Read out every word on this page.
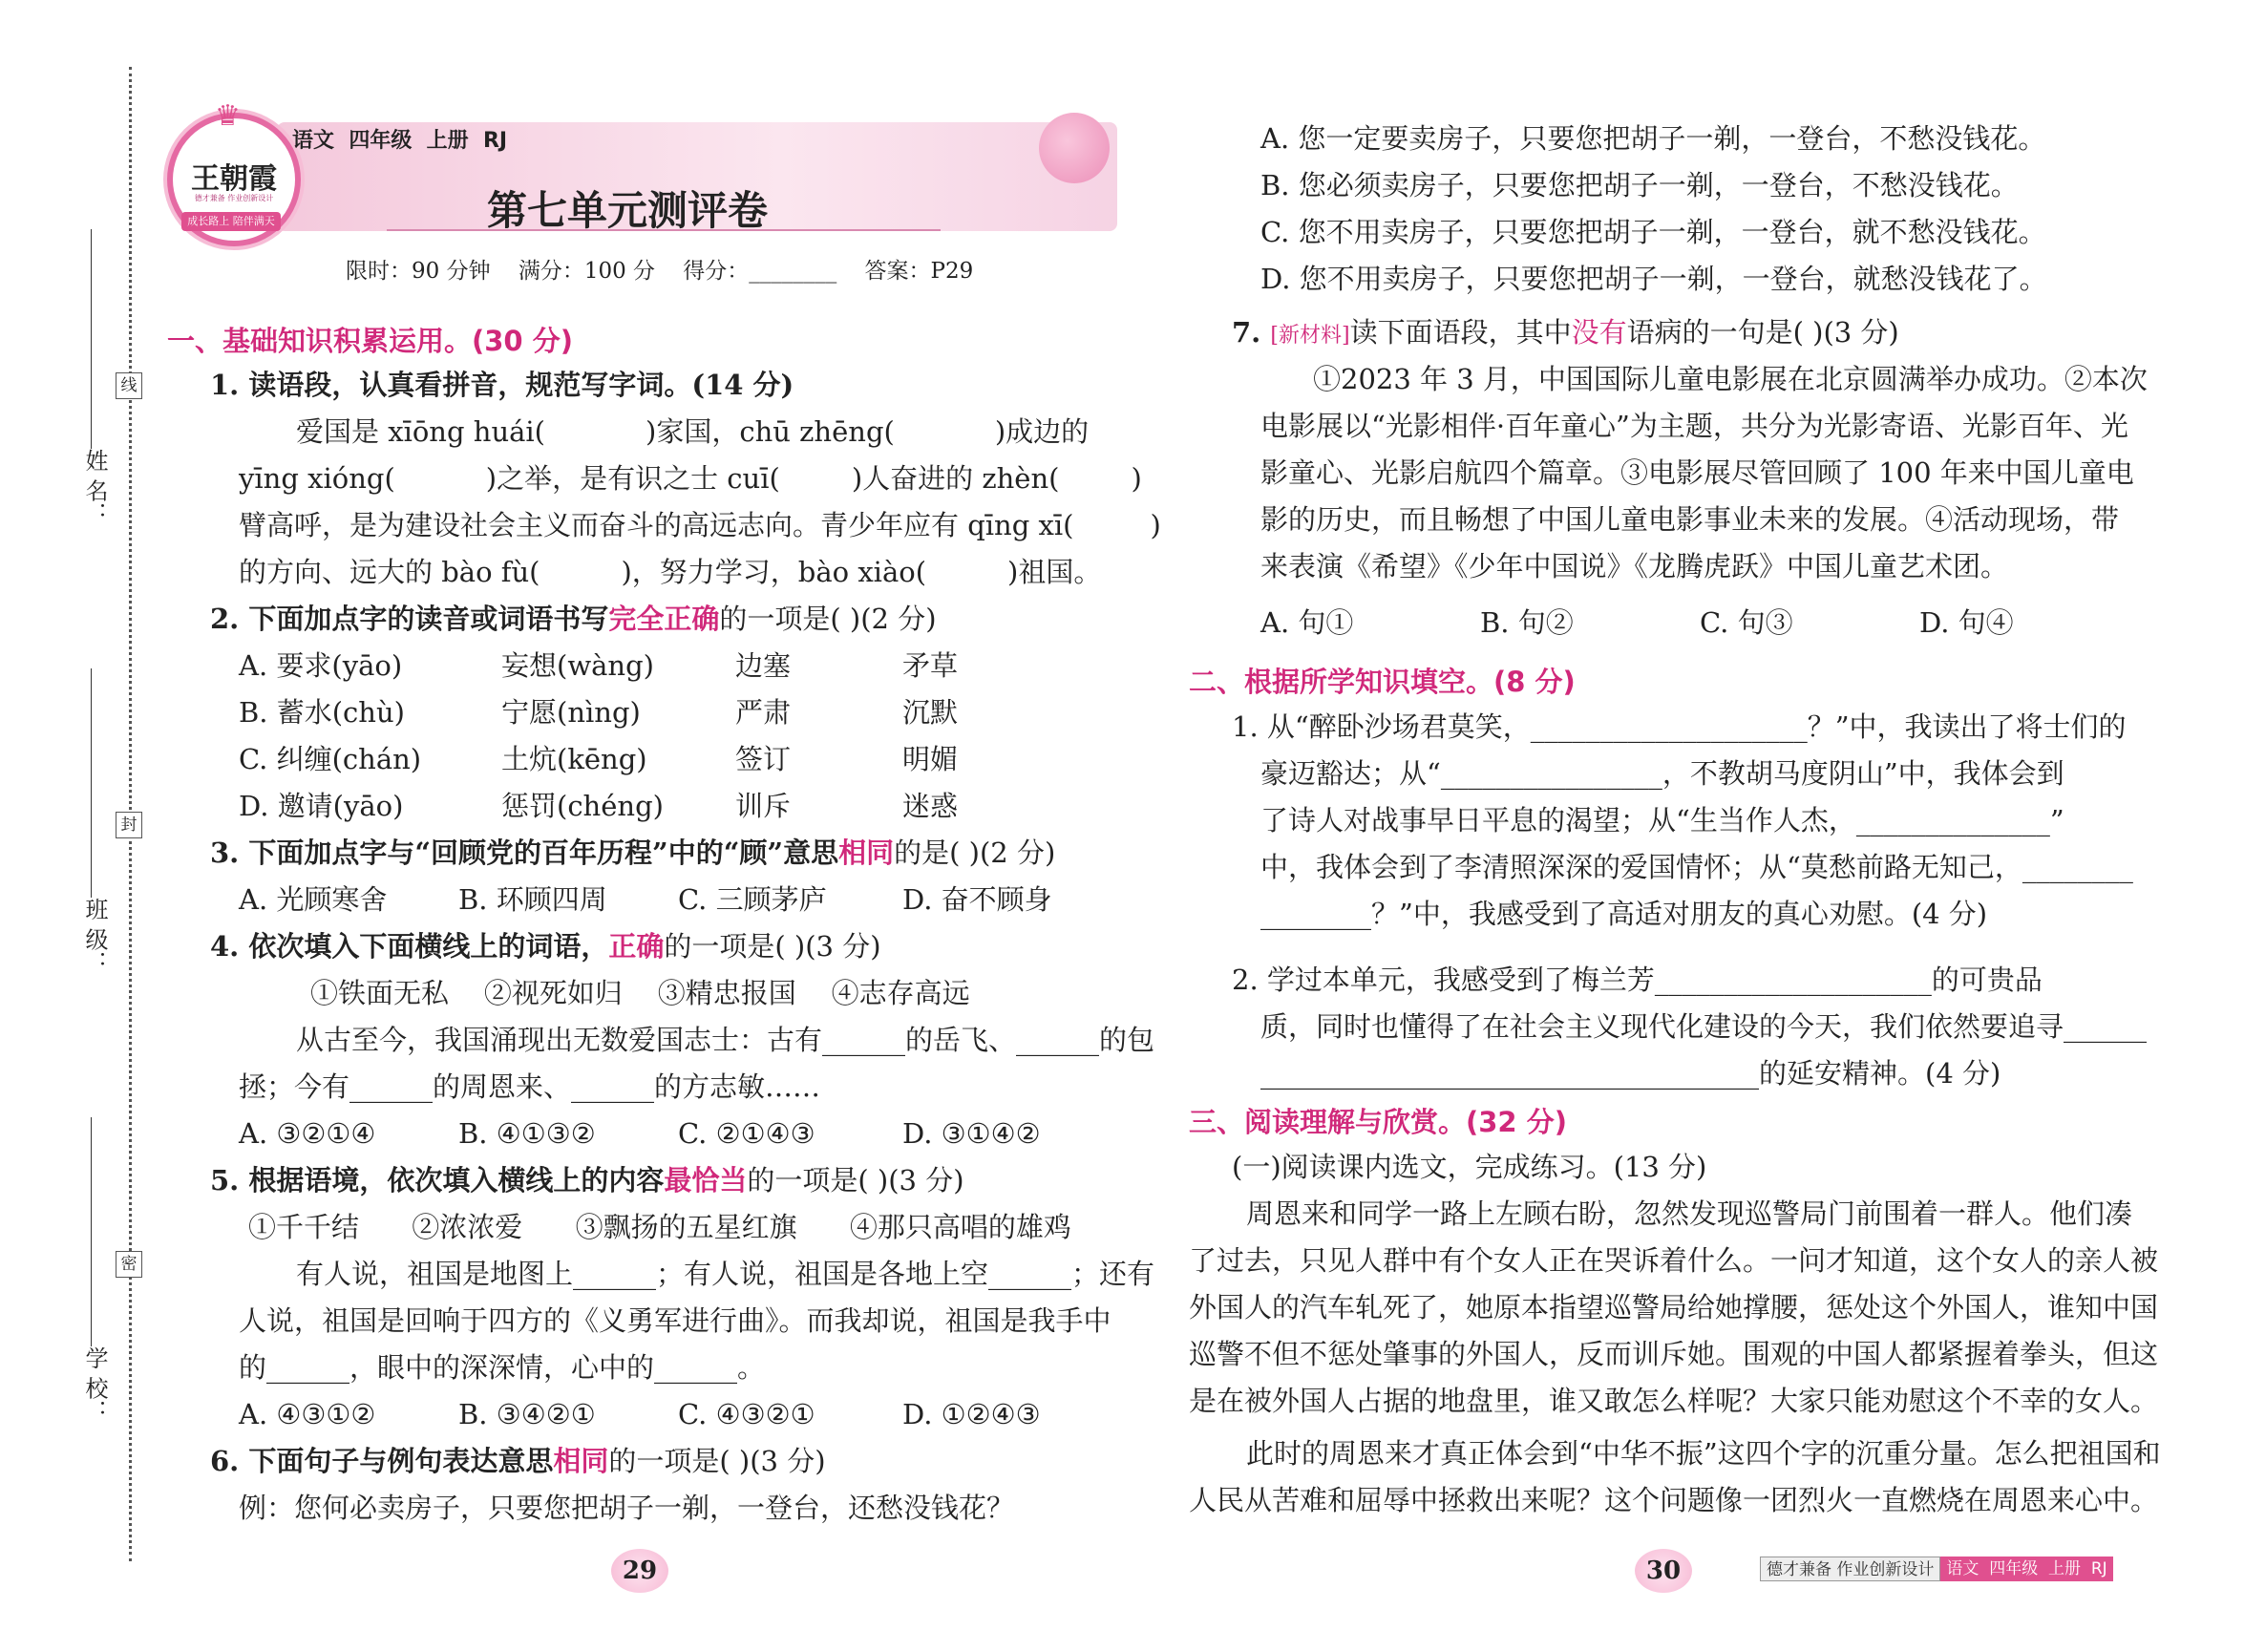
姓 名：
班 级：
学 校：
线
封
密
♛
王朝霞
德才兼备 作业创新设计
成长路上 陪伴满天
语文  四年级  上册  RJ
第七单元测评卷
限时：90 分钟    满分：100 分    得分：________    答案：P29
一、基础知识积累运用。(30 分)
1. 读语段，认真看拼音，规范写字词。(14 分)
爱国是 xīōng huái(	)家国，chū zhēng(	)成边的
yīng xióng(	)之举，是有识之士 cuī(	)人奋进的 zhèn(	)
臂高呼，是为建设社会主义而奋斗的高远志向。青少年应有 qīng xī(	)
的方向、远大的 bào fù(	)，努力学习，bào xiào(	)祖国。
2. 下面加点字的读音或词语书写完全正确的一项是( )(2 分)
A. 要求(yāo)	妄想(wàng)	边塞	矛草
B. 蓄水(chù)	宁愿(nìng)	严肃	沉默
C. 纠缠(chán)	土炕(kēng)	签订	明媚
D. 邀请(yāo)	惩罚(chéng)	训斥	迷惑
3. 下面加点字与“回顾党的百年历程”中的“顾”意思相同的是( )(2 分)
A. 光顾寒舍	B. 环顾四周	C. 三顾茅庐	D. 奋不顾身
4. 依次填入下面横线上的词语，正确的一项是( )(3 分)
①铁面无私    ②视死如归    ③精忠报国    ④志存高远
从古至今，我国涌现出无数爱国志士：古有______的岳飞、______的包
拯；今有______的周恩来、______的方志敏……
A. ③②①④	B. ④①③②	C. ②①④③	D. ③①④②
5. 根据语境，依次填入横线上的内容最恰当的一项是( )(3 分)
①千千结      ②浓浓爱      ③飘扬的五星红旗      ④那只高唱的雄鸡
有人说，祖国是地图上______；有人说，祖国是各地上空______；还有
人说，祖国是回响于四方的《义勇军进行曲》。而我却说，祖国是我手中
的______，眼中的深深情，心中的______。
A. ④③①②	B. ③④②①	C. ④③②①	D. ①②④③
6. 下面句子与例句表达意思相同的一项是( )(3 分)
例：您何必卖房子，只要您把胡子一剃，一登台，还愁没钱花？
29
A. 您一定要卖房子，只要您把胡子一剃，一登台，不愁没钱花。
B. 您必须卖房子，只要您把胡子一剃，一登台，不愁没钱花。
C. 您不用卖房子，只要您把胡子一剃，一登台，就不愁没钱花。
D. 您不用卖房子，只要您把胡子一剃，一登台，就愁没钱花了。
7. [新材料]读下面语段，其中没有语病的一句是( )(3 分)
①2023 年 3 月，中国国际儿童电影展在北京圆满举办成功。②本次
电影展以“光影相伴·百年童心”为主题，共分为光影寄语、光影百年、光
影童心、光影启航四个篇章。③电影展尽管回顾了 100 年来中国儿童电
影的历史，而且畅想了中国儿童电影事业未来的发展。④活动现场，带
来表演《希望》《少年中国说》《龙腾虎跃》中国儿童艺术团。
A. 句①	B. 句②	C. 句③	D. 句④
二、根据所学知识填空。(8 分)
1. 从“醉卧沙场君莫笑，____________________？”中，我读出了将士们的
豪迈豁达；从“________________，不教胡马度阴山”中，我体会到
了诗人对战事早日平息的渴望；从“生当作人杰，______________”
中，我体会到了李清照深深的爱国情怀；从“莫愁前路无知己，________
________？”中，我感受到了高适对朋友的真心劝慰。(4 分)
2. 学过本单元，我感受到了梅兰芳____________________的可贵品
质，同时也懂得了在社会主义现代化建设的今天，我们依然要追寻______
____________________________________的延安精神。(4 分)
三、阅读理解与欣赏。(32 分)
(一)阅读课内选文，完成练习。(13 分)
周恩来和同学一路上左顾右盼，忽然发现巡警局门前围着一群人。他们凑
了过去，只见人群中有个女人正在哭诉着什么。一问才知道，这个女人的亲人被
外国人的汽车轧死了，她原本指望巡警局给她撑腰，惩处这个外国人，谁知中国
巡警不但不惩处肇事的外国人，反而训斥她。围观的中国人都紧握着拳头，但这
是在被外国人占据的地盘里，谁又敢怎么样呢？大家只能劝慰这个不幸的女人。
此时的周恩来才真正体会到“中华不振”这四个字的沉重分量。怎么把祖国和
人民从苦难和屈辱中拯救出来呢？这个问题像一团烈火一直燃烧在周恩来心中。
30	德才兼备 作业创新设计 语文  四年级  上册  RJ
